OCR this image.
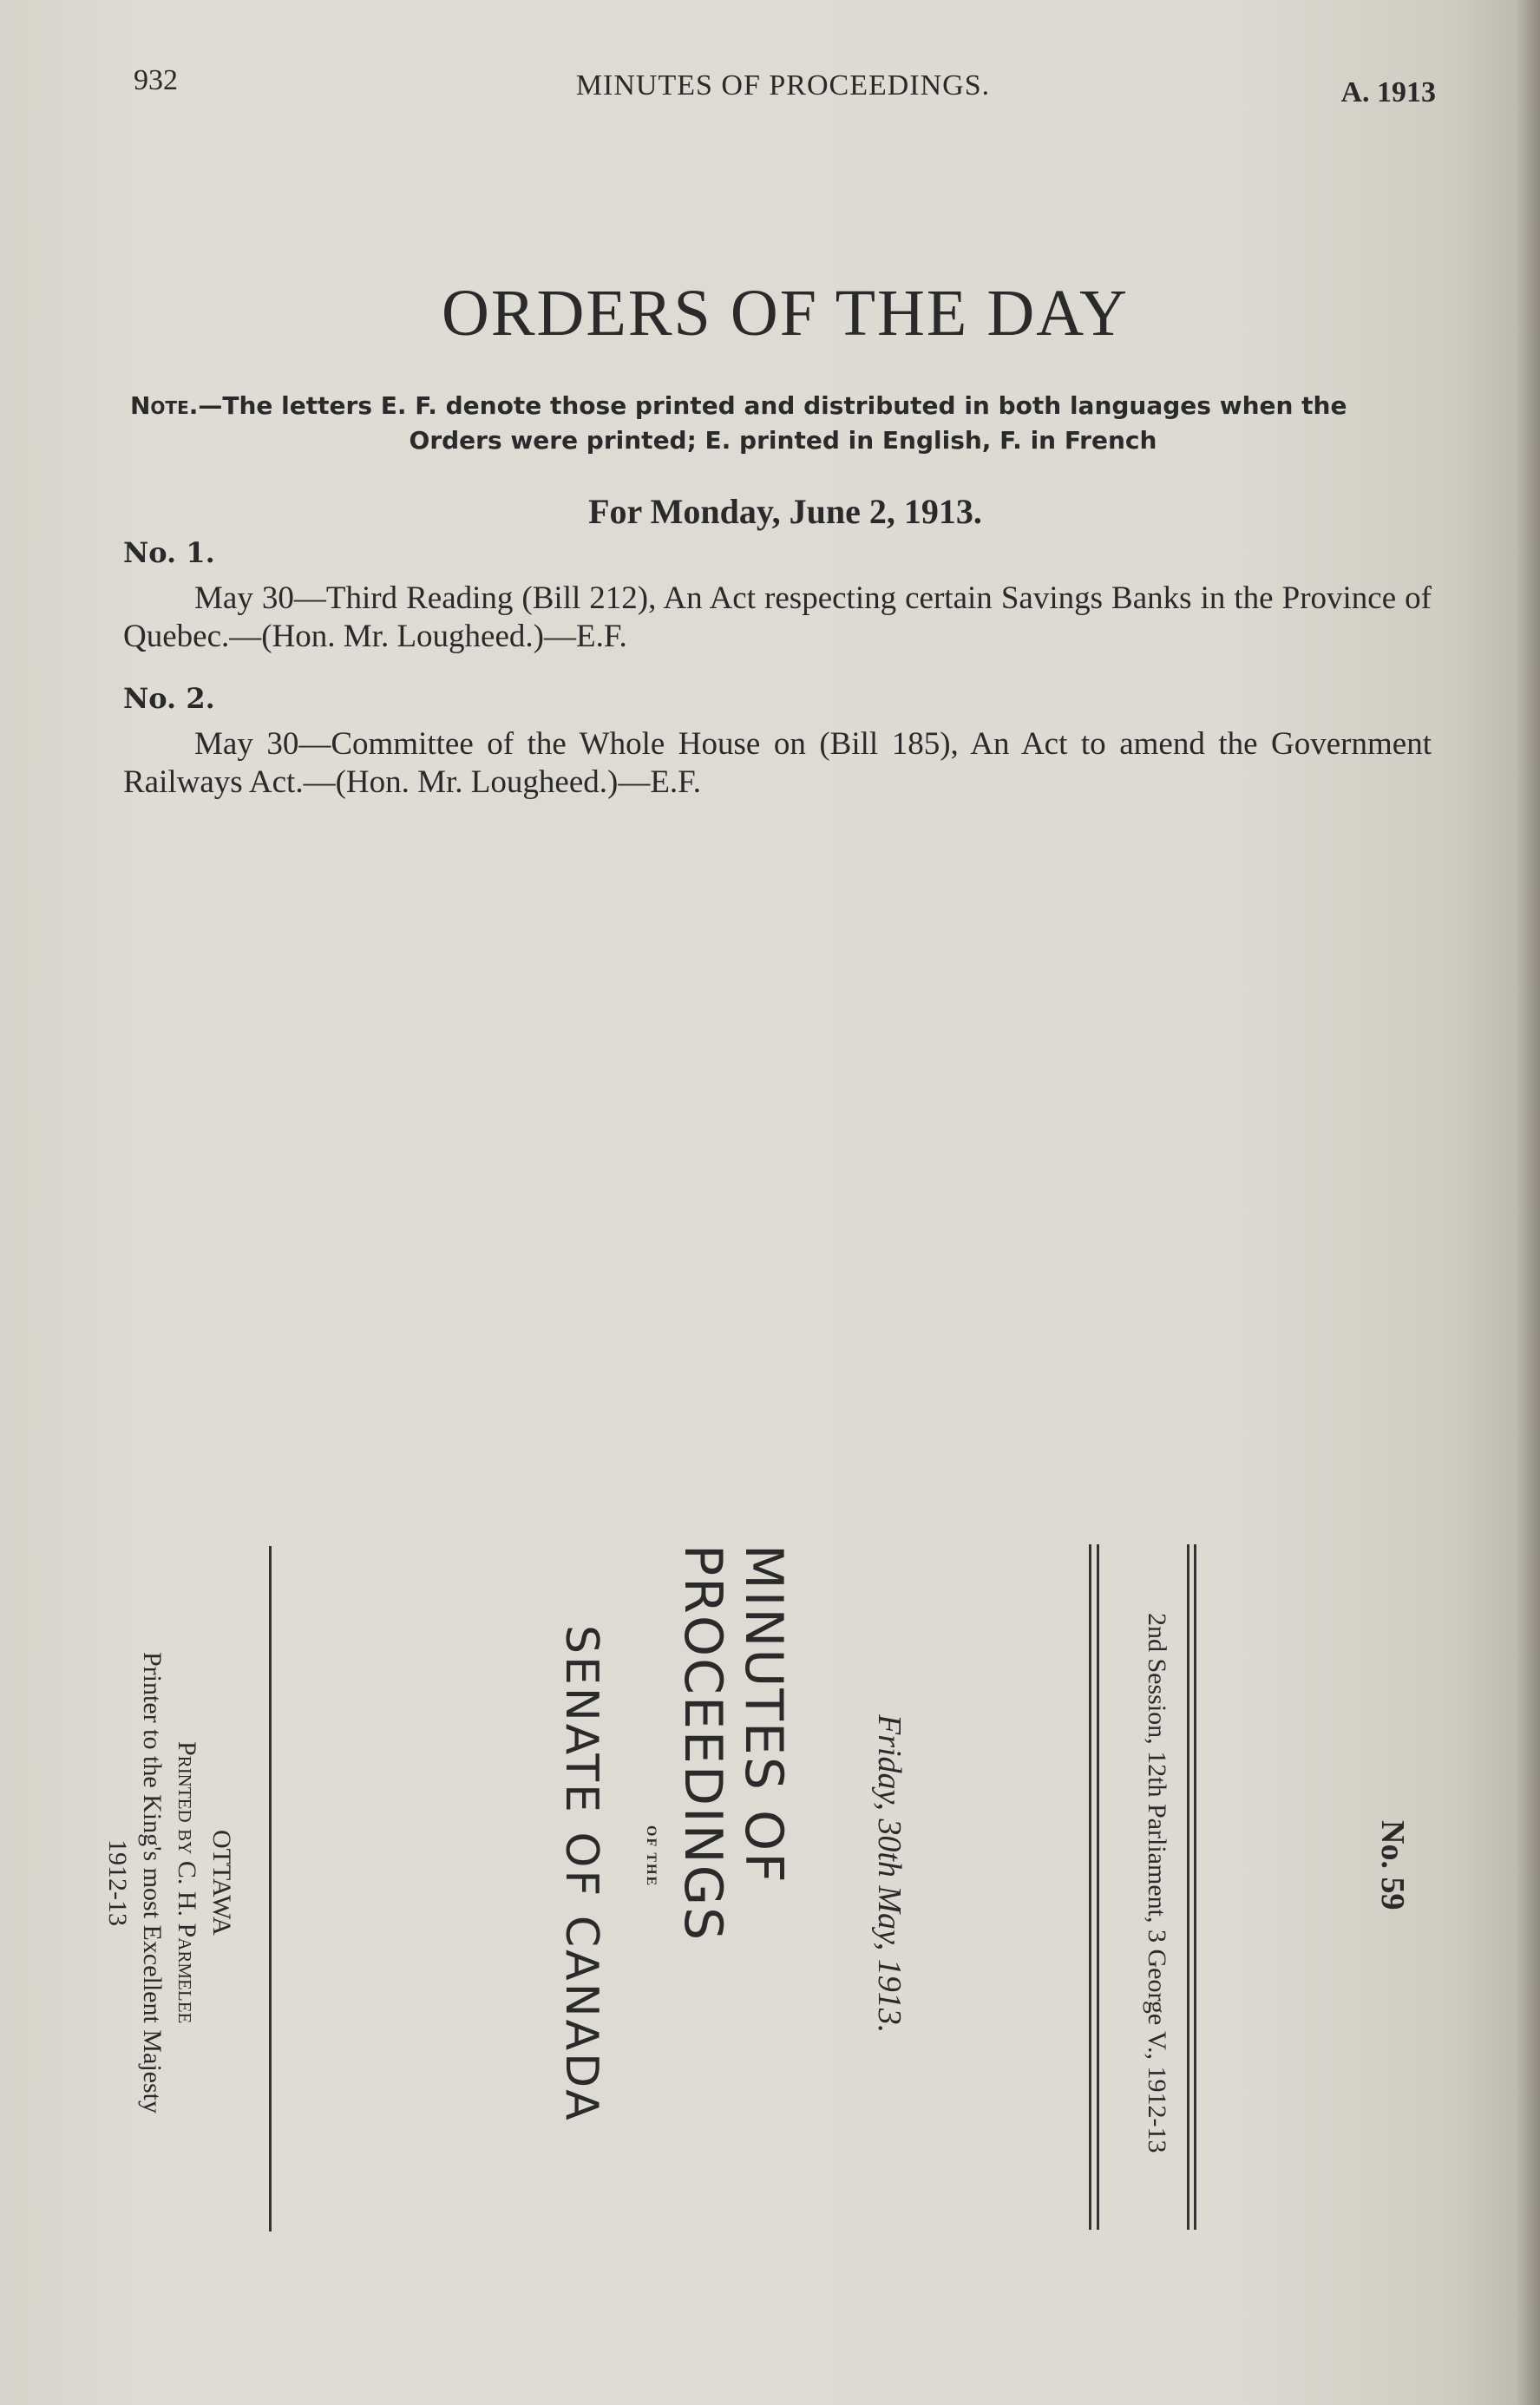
932	MINUTES OF PROCEEDINGS.	A. 1913
ORDERS OF THE DAY
Note.—The letters E. F. denote those printed and distributed in both languages when the
Orders were printed; E. printed in English, F. in French
For Monday, June 2, 1913.
No. 1.
May 30—Third Reading (Bill 212), An Act respecting certain Savings Banks in the Province of Quebec.—(Hon. Mr. Lougheed.)—E.F.
No. 2.
May 30—Committee of the Whole House on (Bill 185), An Act to amend the Government Railways Act.—(Hon. Mr. Lougheed.)—E.F.
OTTAWA
Printed by C. H. Parmelee
Printer to the King's most Excellent Majesty
1912-13	SENATE OF CANADA	OF THE	MINUTES OF PROCEEDINGS	Friday, 30th May, 1913.	2nd Session, 12th Parliament, 3 George V., 1912-13	No. 59
